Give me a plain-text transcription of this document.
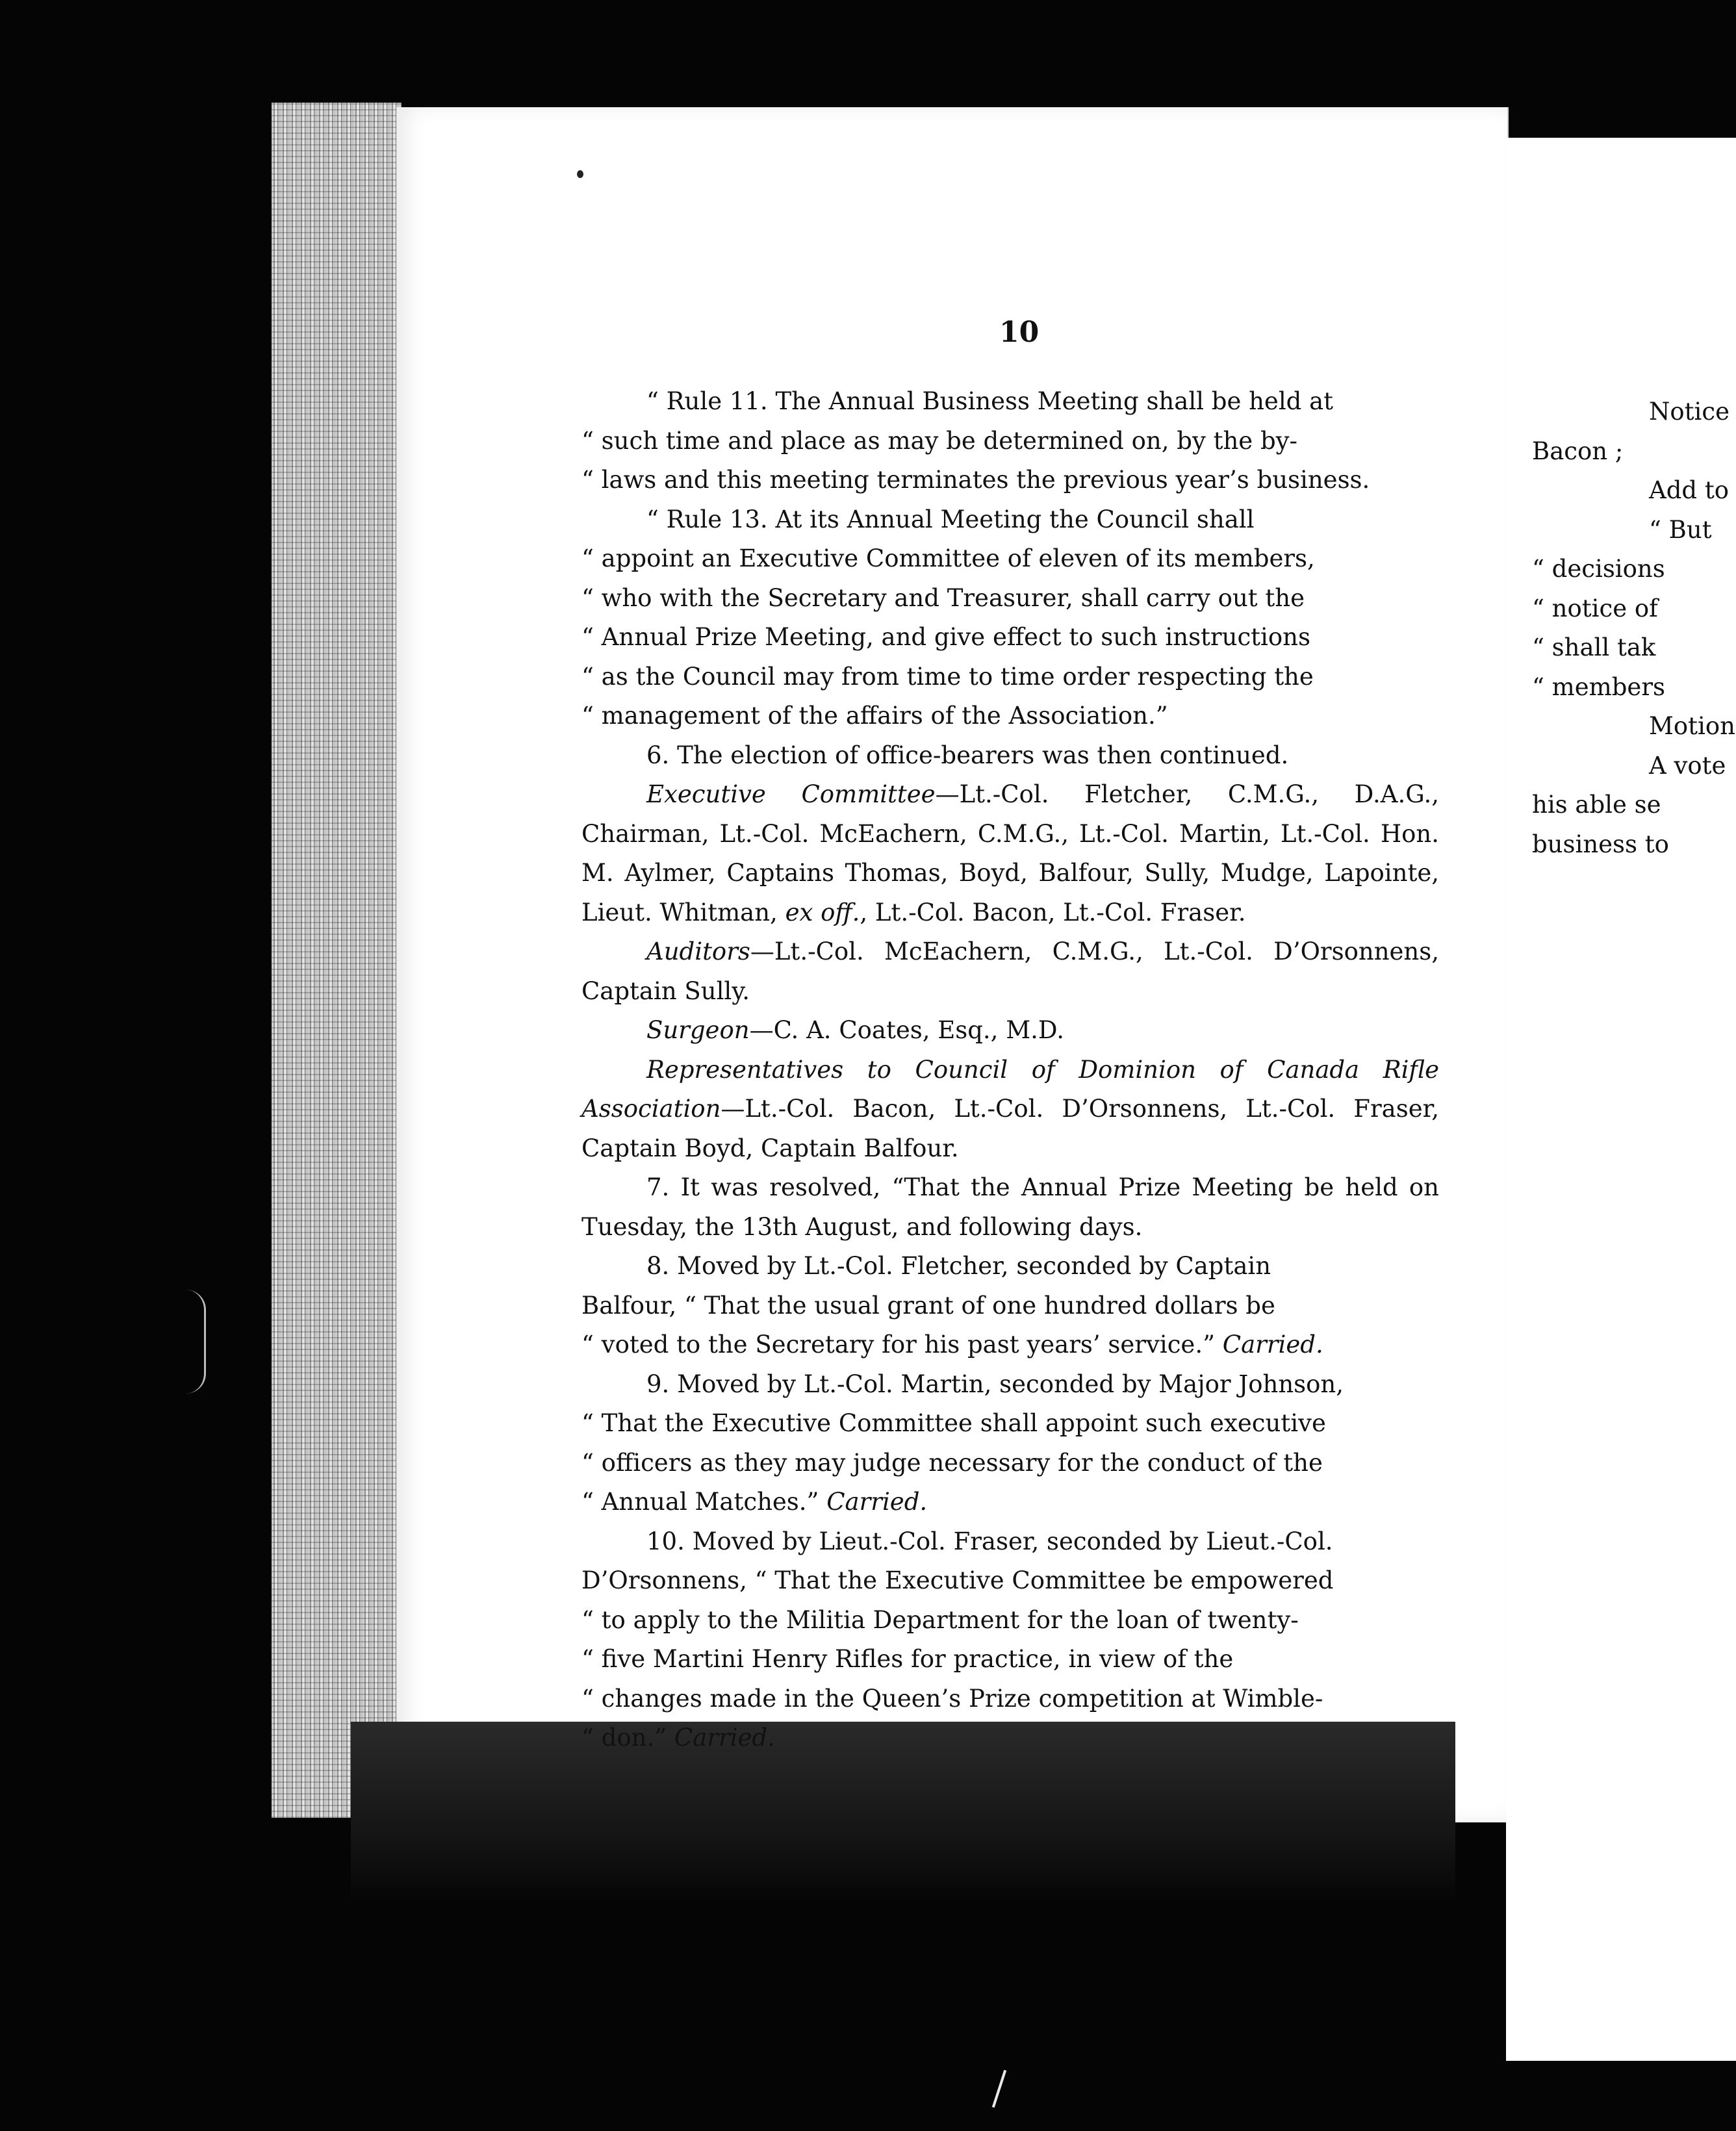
10

“ Rule 11. The Annual Business Meeting shall be held at
“ such time and place as may be determined on, by the by-
“ laws and this meeting terminates the previous year’s business.

“ Rule 13. At its Annual Meeting the Council shall
“ appoint an Executive Committee of eleven of its members,
“ who with the Secretary and Treasurer, shall carry out the
“ Annual Prize Meeting, and give effect to such instructions
“ as the Council may from time to time order respecting the
“ management of the affairs of the Association.”

6. The election of office-bearers was then continued.

Executive Committee—Lt.-Col. Fletcher, C.M.G., D.A.G., Chairman, Lt.-Col. McEachern, C.M.G., Lt.-Col. Martin, Lt.-Col. Hon. M. Aylmer, Captains Thomas, Boyd, Balfour, Sully, Mudge, Lapointe, Lieut. Whitman, ex off., Lt.-Col. Bacon, Lt.-Col. Fraser.

Auditors—Lt.-Col. McEachern, C.M.G., Lt.-Col. D’Orsonnens, Captain Sully.

Surgeon—C. A. Coates, Esq., M.D.

Representatives to Council of Dominion of Canada Rifle Association—Lt.-Col. Bacon, Lt.-Col. D’Orsonnens, Lt.-Col. Fraser, Captain Boyd, Captain Balfour.

7. It was resolved, “That the Annual Prize Meeting be held on Tuesday, the 13th August, and following days.

8. Moved by Lt.-Col. Fletcher, seconded by Captain
Balfour, “ That the usual grant of one hundred dollars be
“ voted to the Secretary for his past years’ service.” Carried.

9. Moved by Lt.-Col. Martin, seconded by Major Johnson,
“ That the Executive Committee shall appoint such executive
“ officers as they may judge necessary for the conduct of the
“ Annual Matches.” Carried.

10. Moved by Lieut.-Col. Fraser, seconded by Lieut.-Col.
D’Orsonnens, “ That the Executive Committee be empowered
“ to apply to the Militia Department for the loan of twenty-
“ five Martini Henry Rifles for practice, in view of the
“ changes made in the Queen’s Prize competition at Wimble-
“ don.” Carried.

Notice
Bacon ;
Add to
“ But
“ decisions
“ notice of
“ shall tak
“ members
Motion
A vote
his able se
business to
